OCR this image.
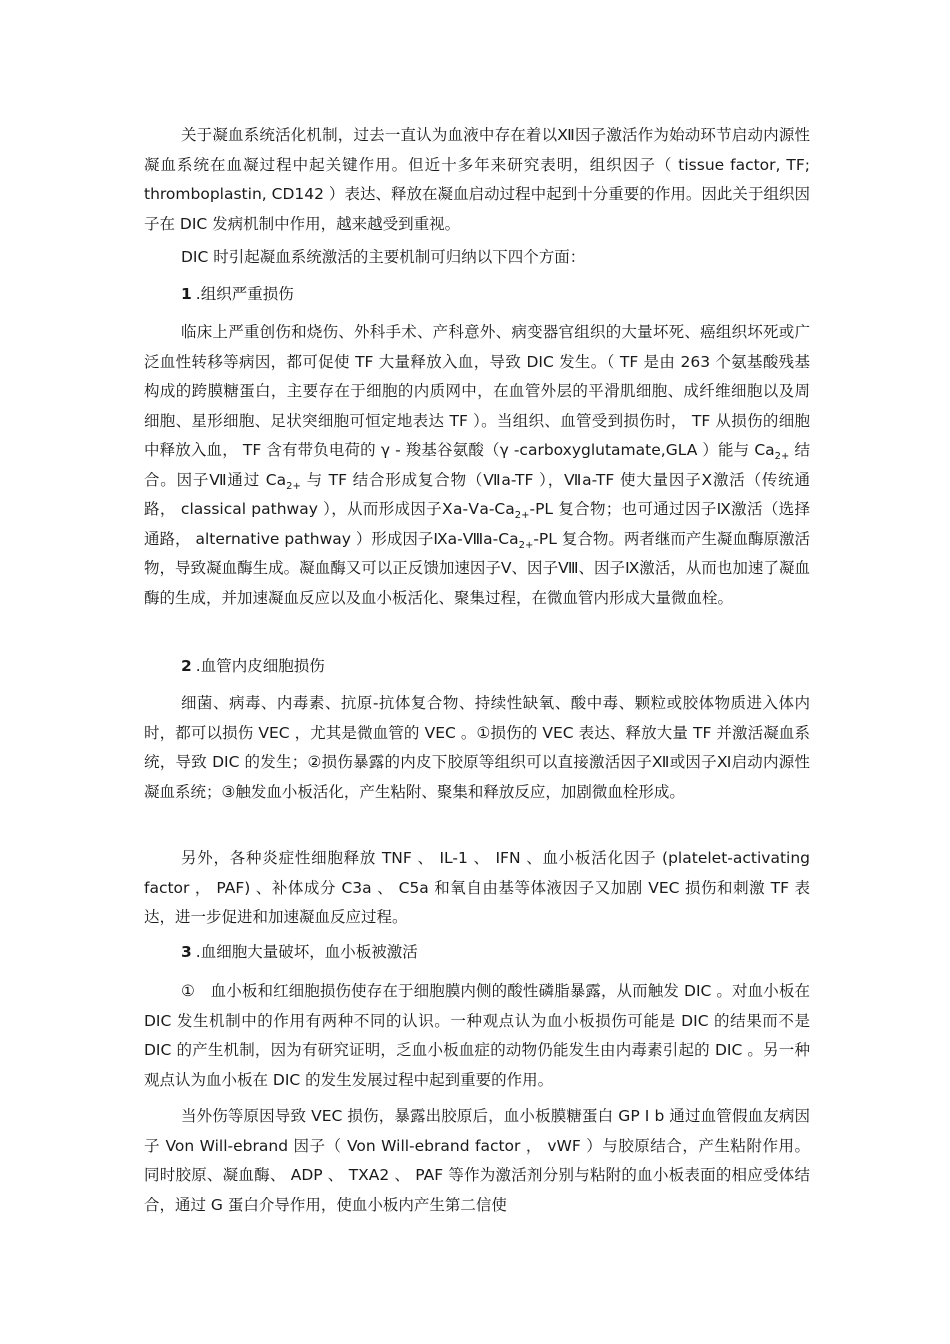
关于凝血系统活化机制，过去一直认为血液中存在着以Ⅻ因子激活作为始动环节启动内源性凝血系统在血凝过程中起关键作用。但近十多年来研究表明，组织因子（ tissue factor, TF; thromboplastin, CD142 ）表达、释放在凝血启动过程中起到十分重要的作用。因此关于组织因子在 DIC 发病机制中作用，越来越受到重视。

DIC 时引起凝血系统激活的主要机制可归纳以下四个方面：

1 .组织严重损伤

临床上严重创伤和烧伤、外科手术、产科意外、病变器官组织的大量坏死、癌组织坏死或广泛血性转移等病因，都可促使 TF 大量释放入血，导致 DIC 发生。（ TF 是由 263 个氨基酸残基构成的跨膜糖蛋白，主要存在于细胞的内质网中，在血管外层的平滑肌细胞、成纤维细胞以及周细胞、星形细胞、足状突细胞可恒定地表达 TF ）。当组织、血管受到损伤时， TF 从损伤的细胞中释放入血， TF 含有带负电荷的 γ - 羧基谷氨酸（γ -carboxyglutamate,GLA ）能与 $Ca_{2+}$ 结合。因子Ⅶ通过 $Ca_{2+}$ 与 TF 结合形成复合物（Ⅶa-TF ），Ⅶa-TF 使大量因子Ⅹ激活（传统通路， classical pathway ），从而形成因子$Ⅹa-Ⅴa-Ca_{2+}-PL$ 复合物；也可通过因子Ⅸ激活（选择通路， alternative pathway ）形成因子$Ⅸa-Ⅷa-Ca_{2+}-PL$ 复合物。两者继而产生凝血酶原激活物，导致凝血酶生成。凝血酶又可以正反馈加速因子Ⅴ、因子Ⅷ、因子Ⅸ激活，从而也加速了凝血酶的生成，并加速凝血反应以及血小板活化、聚集过程，在微血管内形成大量微血栓。

2 .血管内皮细胞损伤

细菌、病毒、内毒素、抗原-抗体复合物、持续性缺氧、酸中毒、颗粒或胶体物质进入体内时，都可以损伤 VEC ，尤其是微血管的 VEC 。①损伤的 VEC 表达、释放大量 TF 并激活凝血系统，导致 DIC 的发生；②损伤暴露的内皮下胶原等组织可以直接激活因子Ⅻ或因子Ⅺ启动内源性凝血系统；③触发血小板活化，产生粘附、聚集和释放反应，加剧微血栓形成。

另外，各种炎症性细胞释放 TNF 、 IL-1 、 IFN 、血小板活化因子 (platelet-activating factor ， PAF) 、补体成分 C3a 、 C5a 和氧自由基等体液因子又加剧 VEC 损伤和刺激 TF 表达，进一步促进和加速凝血反应过程。

3 .血细胞大量破坏，血小板被激活

①　血小板和红细胞损伤使存在于细胞膜内侧的酸性磷脂暴露，从而触发 DIC 。对血小板在 DIC 发生机制中的作用有两种不同的认识。一种观点认为血小板损伤可能是 DIC 的结果而不是 DIC 的产生机制，因为有研究证明，乏血小板血症的动物仍能发生由内毒素引起的 DIC 。另一种观点认为血小板在 DIC 的发生发展过程中起到重要的作用。

当外伤等原因导致 VEC 损伤，暴露出胶原后，血小板膜糖蛋白 GP Ⅰ b 通过血管假血友病因子 Von Will-ebrand 因子（ Von Will-ebrand factor ， vWF ）与胶原结合，产生粘附作用。同时胶原、凝血酶、 ADP 、 TXA2 、 PAF 等作为激活剂分别与粘附的血小板表面的相应受体结合，通过 G 蛋白介导作用，使血小板内产生第二信使
